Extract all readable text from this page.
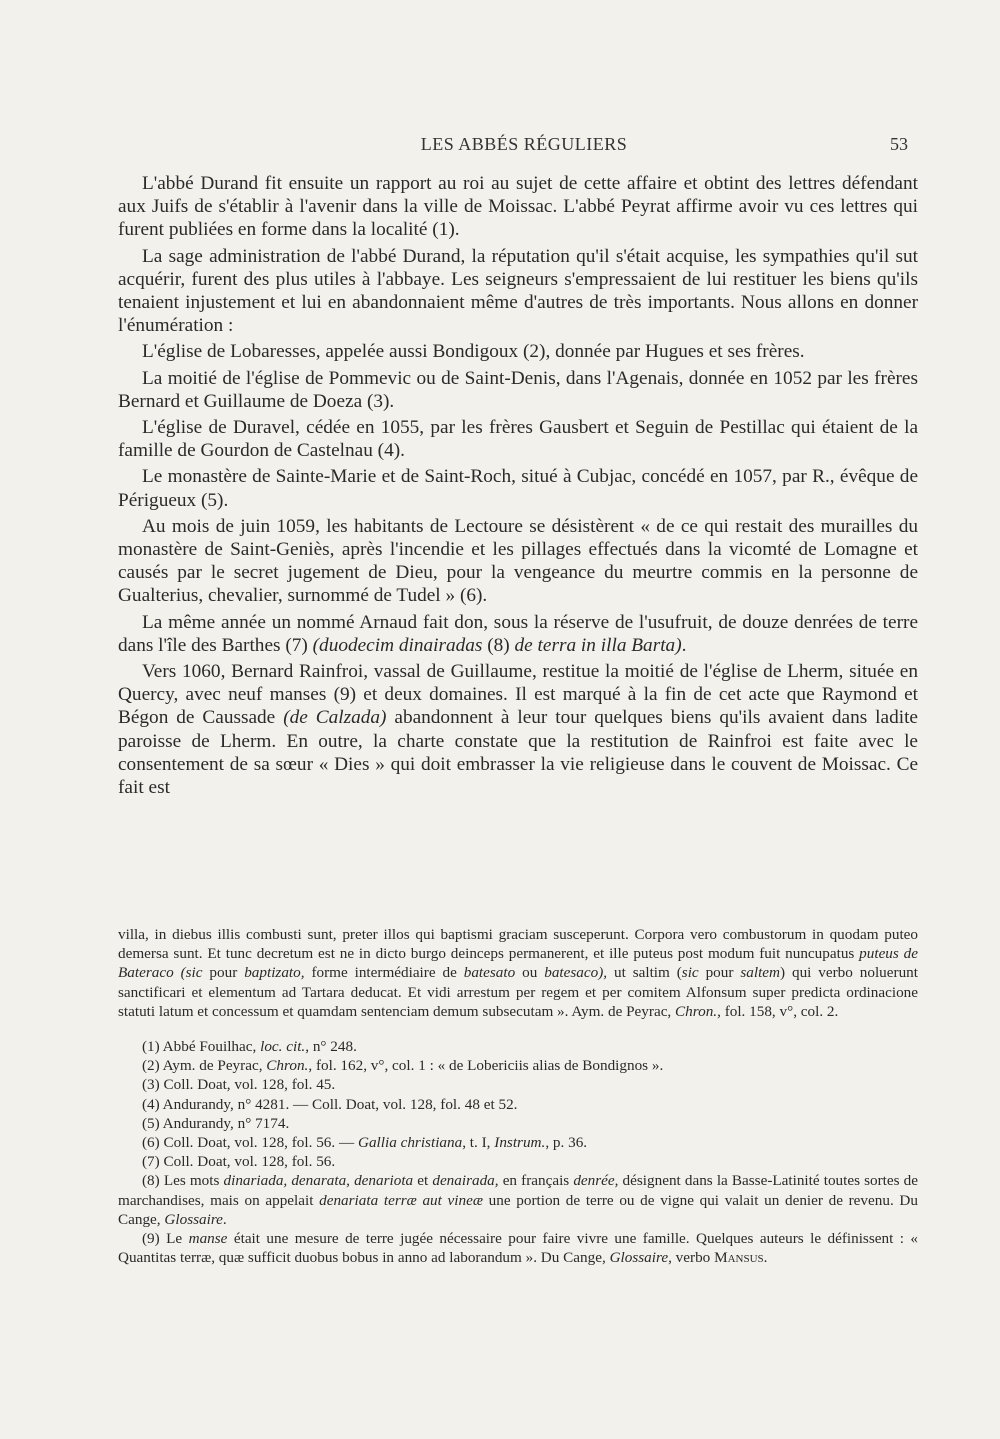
LES ABBÉS RÉGULIERS	53

L'abbé Durand fit ensuite un rapport au roi au sujet de cette affaire et obtint des lettres défendant aux Juifs de s'établir à l'avenir dans la ville de Moissac. L'abbé Peyrat affirme avoir vu ces lettres qui furent publiées en forme dans la localité (1).

La sage administration de l'abbé Durand, la réputation qu'il s'était acquise, les sympathies qu'il sut acquérir, furent des plus utiles à l'abbaye. Les seigneurs s'empressaient de lui restituer les biens qu'ils tenaient injustement et lui en abandonnaient même d'autres de très importants. Nous allons en donner l'énumération :

L'église de Lobaresses, appelée aussi Bondigoux (2), donnée par Hugues et ses frères.

La moitié de l'église de Pommevic ou de Saint-Denis, dans l'Agenais, donnée en 1052 par les frères Bernard et Guillaume de Doeza (3).

L'église de Duravel, cédée en 1055, par les frères Gausbert et Seguin de Pestillac qui étaient de la famille de Gourdon de Castelnau (4).

Le monastère de Sainte-Marie et de Saint-Roch, situé à Cubjac, concédé en 1057, par R., évêque de Périgueux (5).

Au mois de juin 1059, les habitants de Lectoure se désistèrent « de ce qui restait des murailles du monastère de Saint-Geniès, après l'incendie et les pillages effectués dans la vicomté de Lomagne et causés par le secret jugement de Dieu, pour la vengeance du meurtre commis en la personne de Gualterius, chevalier, surnommé de Tudel » (6).

La même année un nommé Arnaud fait don, sous la réserve de l'usufruit, de douze denrées de terre dans l'île des Barthes (7) (duodecim dinairadas (8) de terra in illa Barta).

Vers 1060, Bernard Rainfroi, vassal de Guillaume, restitue la moitié de l'église de Lherm, située en Quercy, avec neuf manses (9) et deux domaines. Il est marqué à la fin de cet acte que Raymond et Bégon de Caussade (de Calzada) abandonnent à leur tour quelques biens qu'ils avaient dans ladite paroisse de Lherm. En outre, la charte constate que la restitution de Rainfroi est faite avec le consentement de sa sœur « Dies » qui doit embrasser la vie religieuse dans le couvent de Moissac. Ce fait est

villa, in diebus illis combusti sunt, preter illos qui baptismi graciam susceperunt. Corpora vero combustorum in quodam puteo demersa sunt. Et tunc decretum est ne in dicto burgo deinceps permanerent, et ille puteus post modum fuit nuncupatus puteus de Bateraco (sic pour baptizato, forme intermédiaire de batesato ou batesaco), ut saltim (sic pour saltem) qui verbo noluerunt sanctificari et elementum ad Tartara deducat. Et vidi arrestum per regem et per comitem Alfonsum super predicta ordinacione statuti latum et concessum et quamdam sentenciam demum subsecutam ». Aym. de Peyrac, Chron., fol. 158, v°, col. 2.

(1) Abbé Fouilhac, loc. cit., n° 248.

(2) Aym. de Peyrac, Chron., fol. 162, v°, col. 1 : « de Lobericiis alias de Bondignos ».

(3) Coll. Doat, vol. 128, fol. 45.

(4) Andurandy, n° 4281. — Coll. Doat, vol. 128, fol. 48 et 52.

(5) Andurandy, n° 7174.

(6) Coll. Doat, vol. 128, fol. 56. — Gallia christiana, t. I, Instrum., p. 36.

(7) Coll. Doat, vol. 128, fol. 56.

(8) Les mots dinariada, denarata, denariota et denairada, en français denrée, désignent dans la Basse-Latinité toutes sortes de marchandises, mais on appelait denariata terræ aut vineæ une portion de terre ou de vigne qui valait un denier de revenu. Du Cange, Glossaire.

(9) Le manse était une mesure de terre jugée nécessaire pour faire vivre une famille. Quelques auteurs le définissent : « Quantitas terræ, quæ sufficit duobus bobus in anno ad laborandum ». Du Cange, Glossaire, verbo Mansus.
